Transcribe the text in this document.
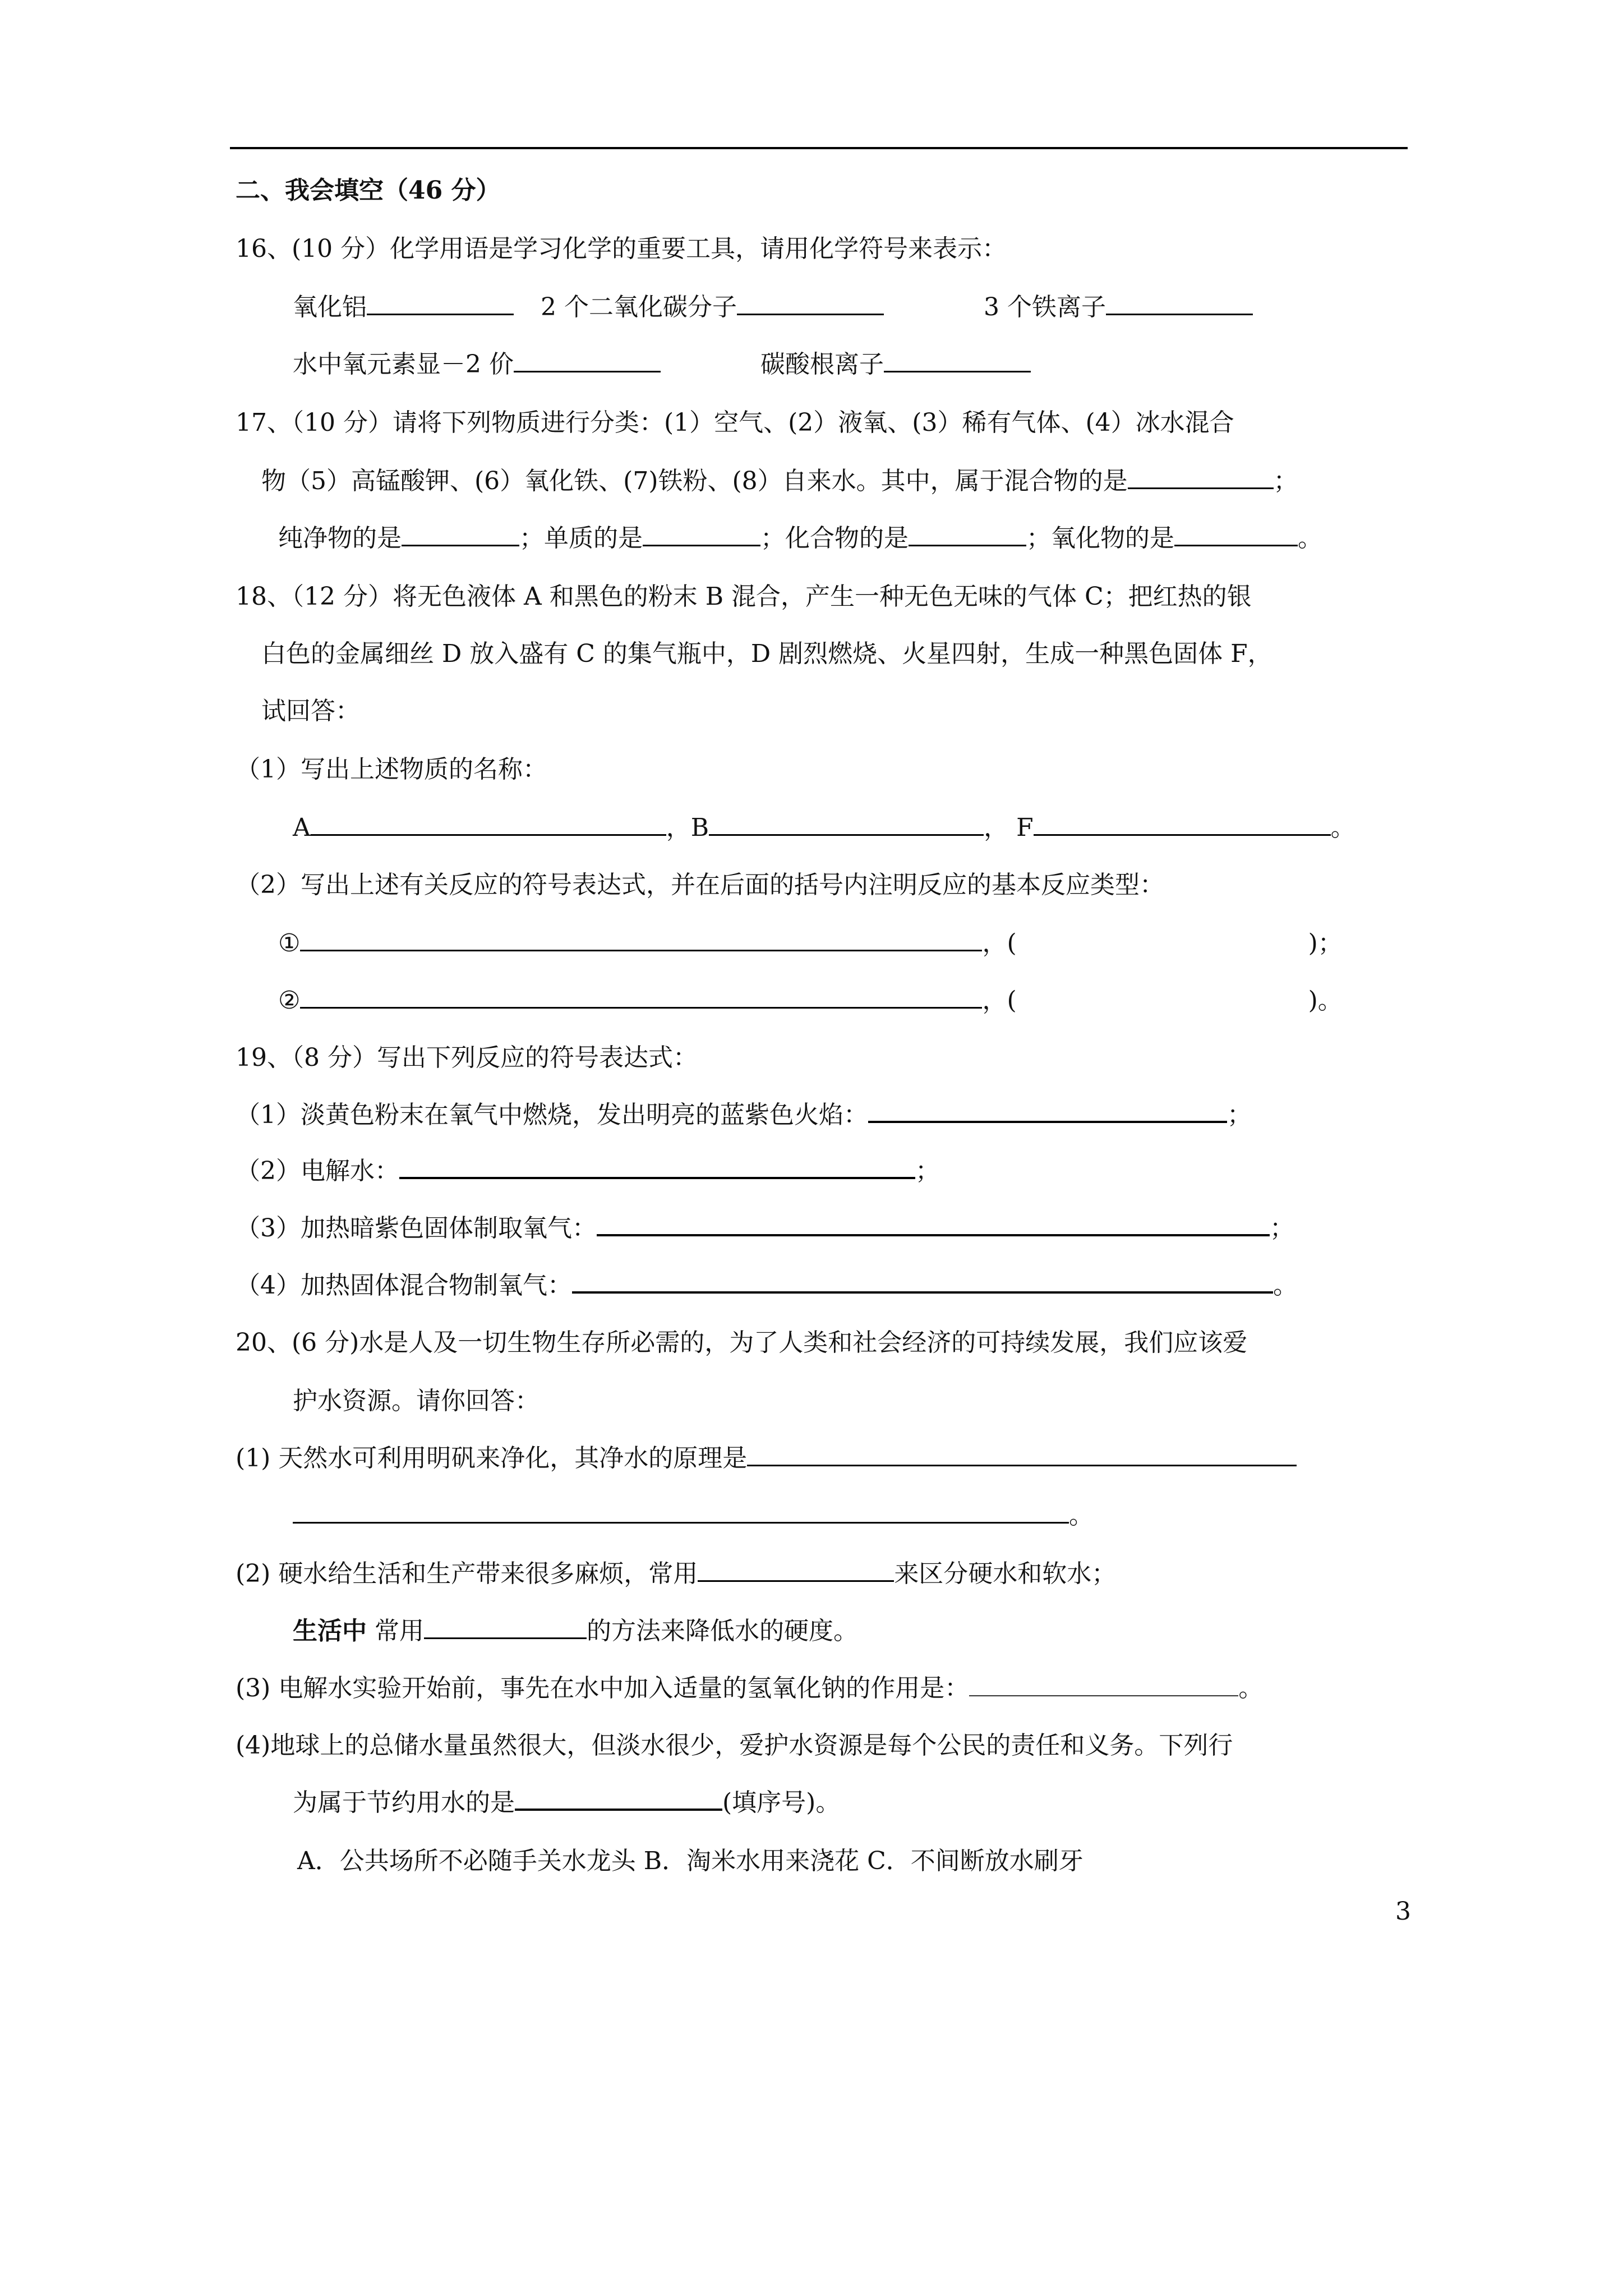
二、我会填空（46 分）
16、(10 分）化学用语是学习化学的重要工具，请用化学符号来表示：
氧化铝	2 个二氧化碳分子	3 个铁离子
水中氧元素显－2 价	碳酸根离子
17、（10 分）请将下列物质进行分类：(1）空气、(2）液氧、(3）稀有气体、(4）冰水混合
物（5）高锰酸钾、(6）氧化铁、(7)铁粉、(8）自来水。其中，属于混合物的是	；
纯净物的是	；单质的是	；化合物的是	；氧化物的是	。
18、（12 分）将无色液体 A 和黑色的粉末 B 混合，产生一种无色无味的气体 C；把红热的银
白色的金属细丝 D 放入盛有 C 的集气瓶中，D 剧烈燃烧、火星四射，生成一种黑色固体 F，
试回答：
（1）写出上述物质的名称：
A	，B	， F	。
（2）写出上述有关反应的符号表达式，并在后面的括号内注明反应的基本反应类型：
①	，(	)；
②	，(	)。
19、（8 分）写出下列反应的符号表达式：
（1）淡黄色粉末在氧气中燃烧，发出明亮的蓝紫色火焰：	；
（2）电解水：	；
（3）加热暗紫色固体制取氧气：	；
（4）加热固体混合物制氧气：	。
20、(6 分)水是人及一切生物生存所必需的，为了人类和社会经济的可持续发展，我们应该爱
护水资源。请你回答：
(1) 天然水可利用明矾来净化，其净水的原理是
。
(2) 硬水给生活和生产带来很多麻烦，常用	来区分硬水和软水；
生活中 常用	的方法来降低水的硬度。
(3) 电解水实验开始前，事先在水中加入适量的氢氧化钠的作用是：	。
(4)地球上的总储水量虽然很大，但淡水很少，爱护水资源是每个公民的责任和义务。下列行
为属于节约用水的是	(填序号)。
A．公共场所不必随手关水龙头 B．淘米水用来浇花 C．不间断放水刷牙
3
